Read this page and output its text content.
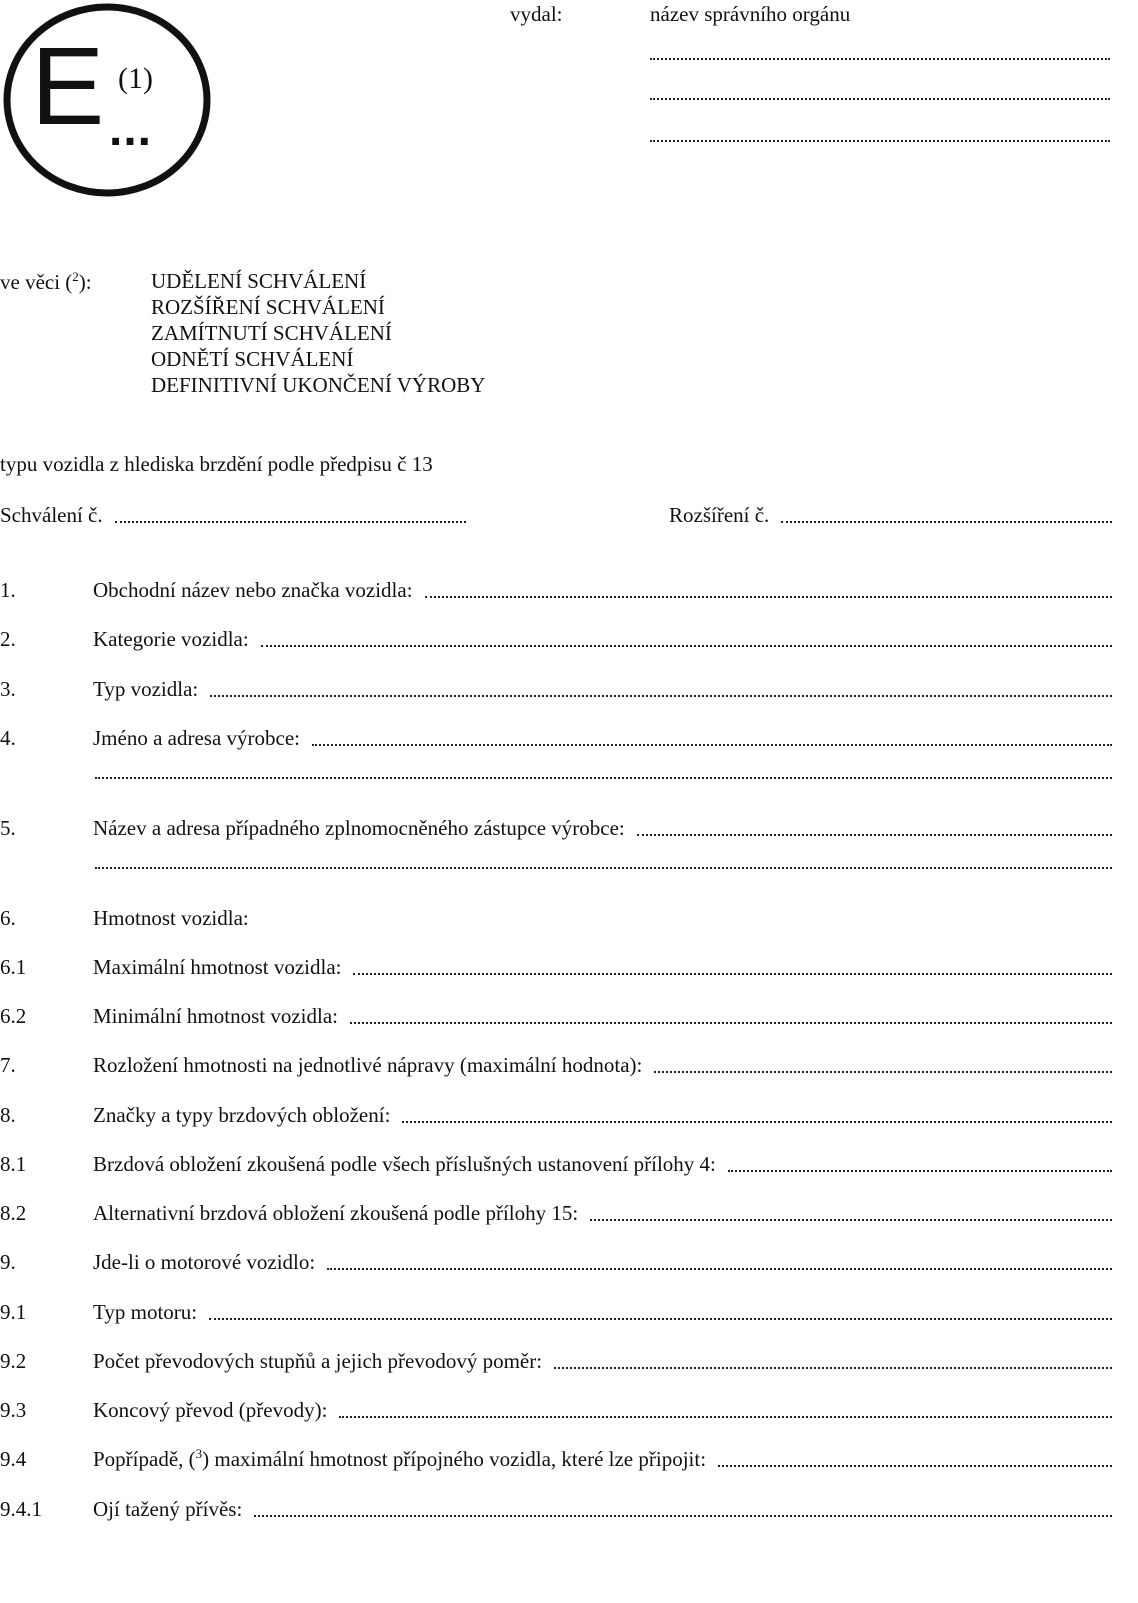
E (1)
...
vydal:	název správního orgánu
ve věci ($^2$):	UDĚLENÍ SCHVÁLENÍ
ROZŠÍŘENÍ SCHVÁLENÍ
ZAMÍTNUTÍ SCHVÁLENÍ
ODNĚTÍ SCHVÁLENÍ
DEFINITIVNÍ UKONČENÍ VÝROBY
typu vozidla z hlediska brzdění podle předpisu č 13
Schválení č.	Rozšíření č.
1.	Obchodní název nebo značka vozidla:
2.	Kategorie vozidla:
3.	Typ vozidla:
4.	Jméno a adresa výrobce:
5.	Název a adresa případného zplnomocněného zástupce výrobce:
6.	Hmotnost vozidla:
6.1	Maximální hmotnost vozidla:
6.2	Minimální hmotnost vozidla:
7.	Rozložení hmotnosti na jednotlivé nápravy (maximální hodnota):
8.	Značky a typy brzdových obložení:
8.1	Brzdová obložení zkoušená podle všech příslušných ustanovení přílohy 4:
8.2	Alternativní brzdová obložení zkoušená podle přílohy 15:
9.	Jde-li o motorové vozidlo:
9.1	Typ motoru:
9.2	Počet převodových stupňů a jejich převodový poměr:
9.3	Koncový převod (převody):
9.4	Popřípadě, ($^3$) maximální hmotnost přípojného vozidla, které lze připojit:
9.4.1	Ojí tažený přívěs:
